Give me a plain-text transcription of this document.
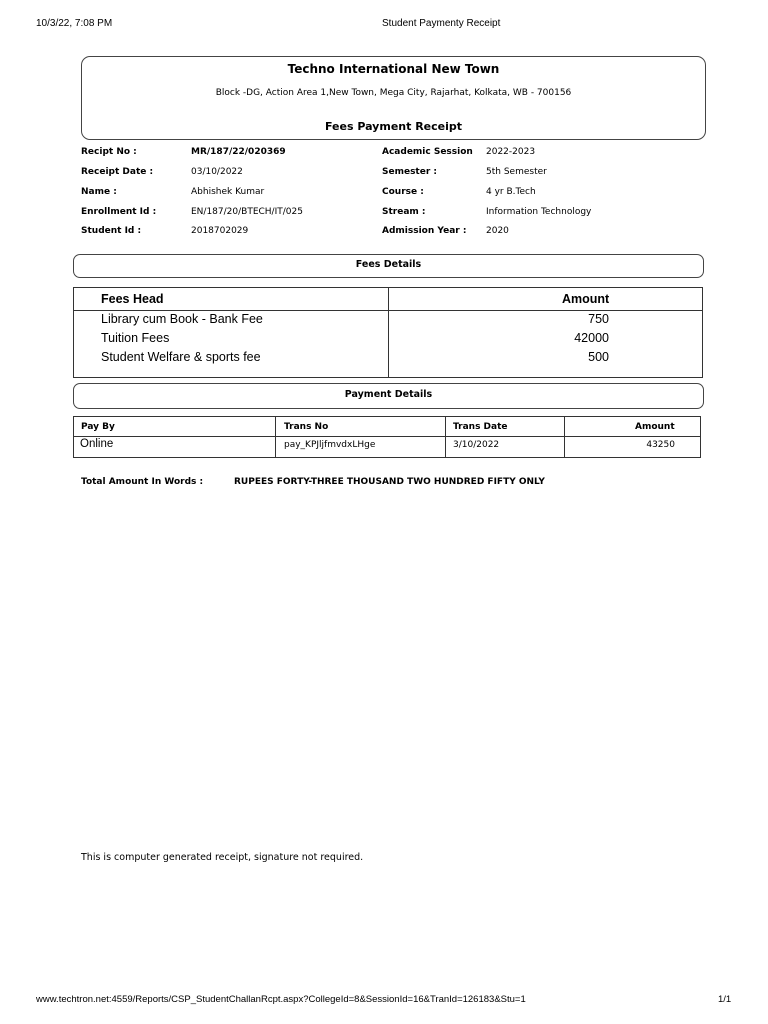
10/3/22, 7:08 PM	Student Paymenty Receipt
Techno International New Town
Block -DG, Action Area 1,New Town, Mega City, Rajarhat, Kolkata, WB - 700156
Fees Payment Receipt
Recipt No :	MR/187/22/020369
Receipt Date :	03/10/2022
Name :	Abhishek Kumar
Enrollment Id :	EN/187/20/BTECH/IT/025
Student Id :	2018702029
Academic Session 2022-2023
Semester :	5th Semester
Course :	4 yr B.Tech
Stream :	Information Technology
Admission Year : 2020
Fees Details
Fees Head	Amount
Library cum Book - Bank Fee	750
Tuition Fees	42000
Student Welfare & sports fee	500
Payment Details
Pay By	Trans No	Trans Date	Amount
Online	pay_KPJljfmvdxLHge	3/10/2022	43250
Total Amount In Words :	RUPEES FORTY-THREE THOUSAND TWO HUNDRED FIFTY ONLY
This is computer generated receipt, signature not required.
www.techtron.net:4559/Reports/CSP_StudentChallanRcpt.aspx?CollegeId=8&SessionId=16&TranId=126183&Stu=1	1/1
